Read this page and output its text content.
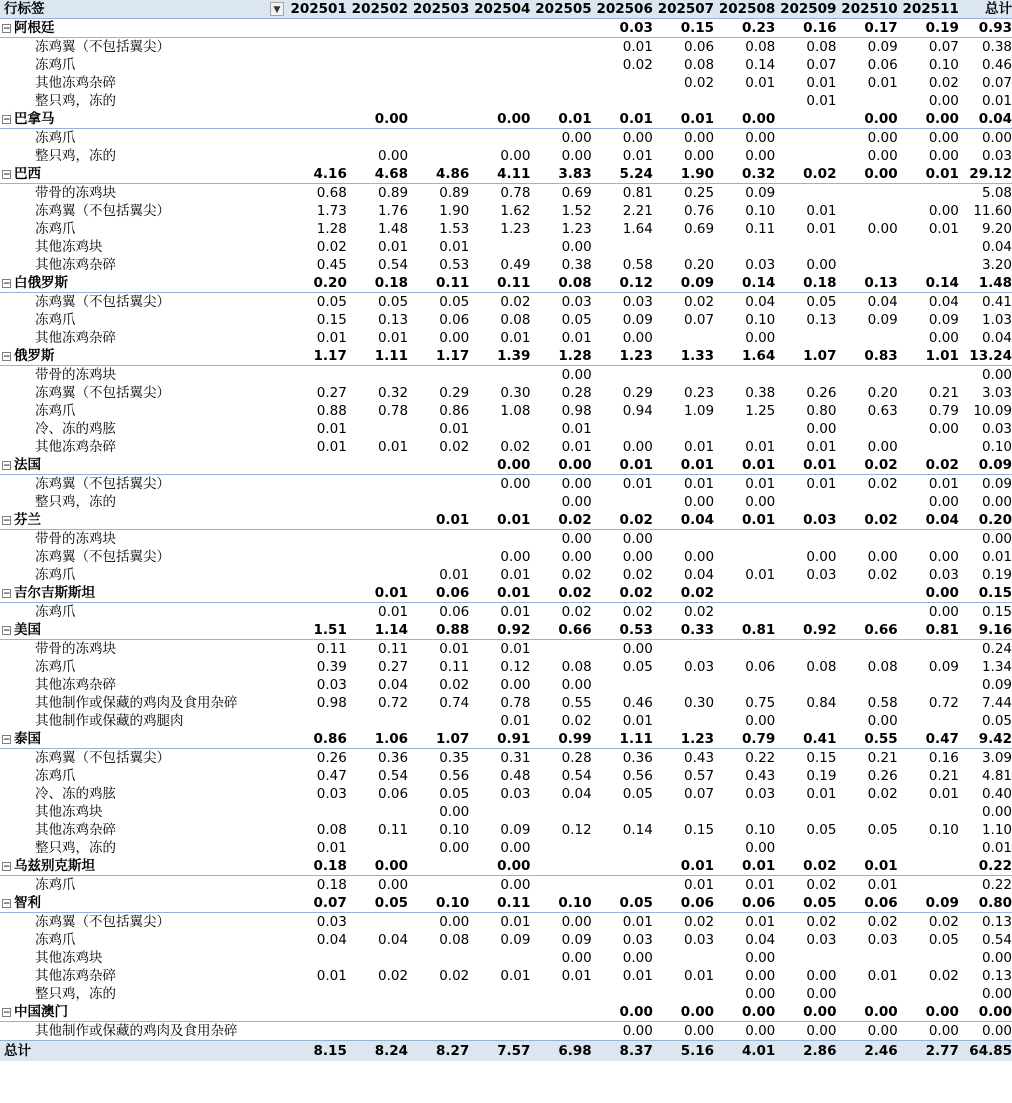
行标签 ▼	202501	202502	202503	202504	202505	202506	202507	202508	202509	202510	202511	总计
− 阿根廷						0.03	0.15	0.23	0.16	0.17	0.19	0.93
冻鸡翼（不包括翼尖）						0.01	0.06	0.08	0.08	0.09	0.07	0.38
冻鸡爪						0.02	0.08	0.14	0.07	0.06	0.10	0.46
其他冻鸡杂碎							0.02	0.01	0.01	0.01	0.02	0.07
整只鸡，冻的									0.01		0.00	0.01
− 巴拿马		0.00		0.00	0.01	0.01	0.01	0.00		0.00	0.00	0.04
冻鸡爪					0.00	0.00	0.00	0.00		0.00	0.00	0.00
整只鸡，冻的		0.00		0.00	0.00	0.01	0.00	0.00		0.00	0.00	0.03
− 巴西	4.16	4.68	4.86	4.11	3.83	5.24	1.90	0.32	0.02	0.00	0.01	29.12
带骨的冻鸡块	0.68	0.89	0.89	0.78	0.69	0.81	0.25	0.09				5.08
冻鸡翼（不包括翼尖）	1.73	1.76	1.90	1.62	1.52	2.21	0.76	0.10	0.01		0.00	11.60
冻鸡爪	1.28	1.48	1.53	1.23	1.23	1.64	0.69	0.11	0.01	0.00	0.01	9.20
其他冻鸡块	0.02	0.01	0.01		0.00							0.04
其他冻鸡杂碎	0.45	0.54	0.53	0.49	0.38	0.58	0.20	0.03	0.00			3.20
− 白俄罗斯	0.20	0.18	0.11	0.11	0.08	0.12	0.09	0.14	0.18	0.13	0.14	1.48
冻鸡翼（不包括翼尖）	0.05	0.05	0.05	0.02	0.03	0.03	0.02	0.04	0.05	0.04	0.04	0.41
冻鸡爪	0.15	0.13	0.06	0.08	0.05	0.09	0.07	0.10	0.13	0.09	0.09	1.03
其他冻鸡杂碎	0.01	0.01	0.00	0.01	0.01	0.00		0.00			0.00	0.04
− 俄罗斯	1.17	1.11	1.17	1.39	1.28	1.23	1.33	1.64	1.07	0.83	1.01	13.24
带骨的冻鸡块					0.00							0.00
冻鸡翼（不包括翼尖）	0.27	0.32	0.29	0.30	0.28	0.29	0.23	0.38	0.26	0.20	0.21	3.03
冻鸡爪	0.88	0.78	0.86	1.08	0.98	0.94	1.09	1.25	0.80	0.63	0.79	10.09
冷、冻的鸡胘	0.01		0.01		0.01				0.00		0.00	0.03
其他冻鸡杂碎	0.01	0.01	0.02	0.02	0.01	0.00	0.01	0.01	0.01	0.00		0.10
− 法国				0.00	0.00	0.01	0.01	0.01	0.01	0.02	0.02	0.09
冻鸡翼（不包括翼尖）				0.00	0.00	0.01	0.01	0.01	0.01	0.02	0.01	0.09
整只鸡，冻的					0.00		0.00	0.00			0.00	0.00
− 芬兰			0.01	0.01	0.02	0.02	0.04	0.01	0.03	0.02	0.04	0.20
带骨的冻鸡块					0.00	0.00						0.00
冻鸡翼（不包括翼尖）				0.00	0.00	0.00	0.00		0.00	0.00	0.00	0.01
冻鸡爪			0.01	0.01	0.02	0.02	0.04	0.01	0.03	0.02	0.03	0.19
− 吉尔吉斯斯坦		0.01	0.06	0.01	0.02	0.02	0.02				0.00	0.15
冻鸡爪		0.01	0.06	0.01	0.02	0.02	0.02				0.00	0.15
− 美国	1.51	1.14	0.88	0.92	0.66	0.53	0.33	0.81	0.92	0.66	0.81	9.16
带骨的冻鸡块	0.11	0.11	0.01	0.01		0.00						0.24
冻鸡爪	0.39	0.27	0.11	0.12	0.08	0.05	0.03	0.06	0.08	0.08	0.09	1.34
其他冻鸡杂碎	0.03	0.04	0.02	0.00	0.00							0.09
其他制作或保藏的鸡肉及食用杂碎	0.98	0.72	0.74	0.78	0.55	0.46	0.30	0.75	0.84	0.58	0.72	7.44
其他制作或保藏的鸡腿肉				0.01	0.02	0.01		0.00		0.00		0.05
− 泰国	0.86	1.06	1.07	0.91	0.99	1.11	1.23	0.79	0.41	0.55	0.47	9.42
冻鸡翼（不包括翼尖）	0.26	0.36	0.35	0.31	0.28	0.36	0.43	0.22	0.15	0.21	0.16	3.09
冻鸡爪	0.47	0.54	0.56	0.48	0.54	0.56	0.57	0.43	0.19	0.26	0.21	4.81
冷、冻的鸡胘	0.03	0.06	0.05	0.03	0.04	0.05	0.07	0.03	0.01	0.02	0.01	0.40
其他冻鸡块			0.00									0.00
其他冻鸡杂碎	0.08	0.11	0.10	0.09	0.12	0.14	0.15	0.10	0.05	0.05	0.10	1.10
整只鸡，冻的	0.01		0.00	0.00				0.00				0.01
− 乌兹别克斯坦	0.18	0.00		0.00			0.01	0.01	0.02	0.01		0.22
冻鸡爪	0.18	0.00		0.00			0.01	0.01	0.02	0.01		0.22
− 智利	0.07	0.05	0.10	0.11	0.10	0.05	0.06	0.06	0.05	0.06	0.09	0.80
冻鸡翼（不包括翼尖）	0.03		0.00	0.01	0.00	0.01	0.02	0.01	0.02	0.02	0.02	0.13
冻鸡爪	0.04	0.04	0.08	0.09	0.09	0.03	0.03	0.04	0.03	0.03	0.05	0.54
其他冻鸡块					0.00	0.00		0.00				0.00
其他冻鸡杂碎	0.01	0.02	0.02	0.01	0.01	0.01	0.01	0.00	0.00	0.01	0.02	0.13
整只鸡，冻的								0.00	0.00			0.00
− 中国澳门						0.00	0.00	0.00	0.00	0.00	0.00	0.00
其他制作或保藏的鸡肉及食用杂碎						0.00	0.00	0.00	0.00	0.00	0.00	0.00
总计	8.15	8.24	8.27	7.57	6.98	8.37	5.16	4.01	2.86	2.46	2.77	64.85
